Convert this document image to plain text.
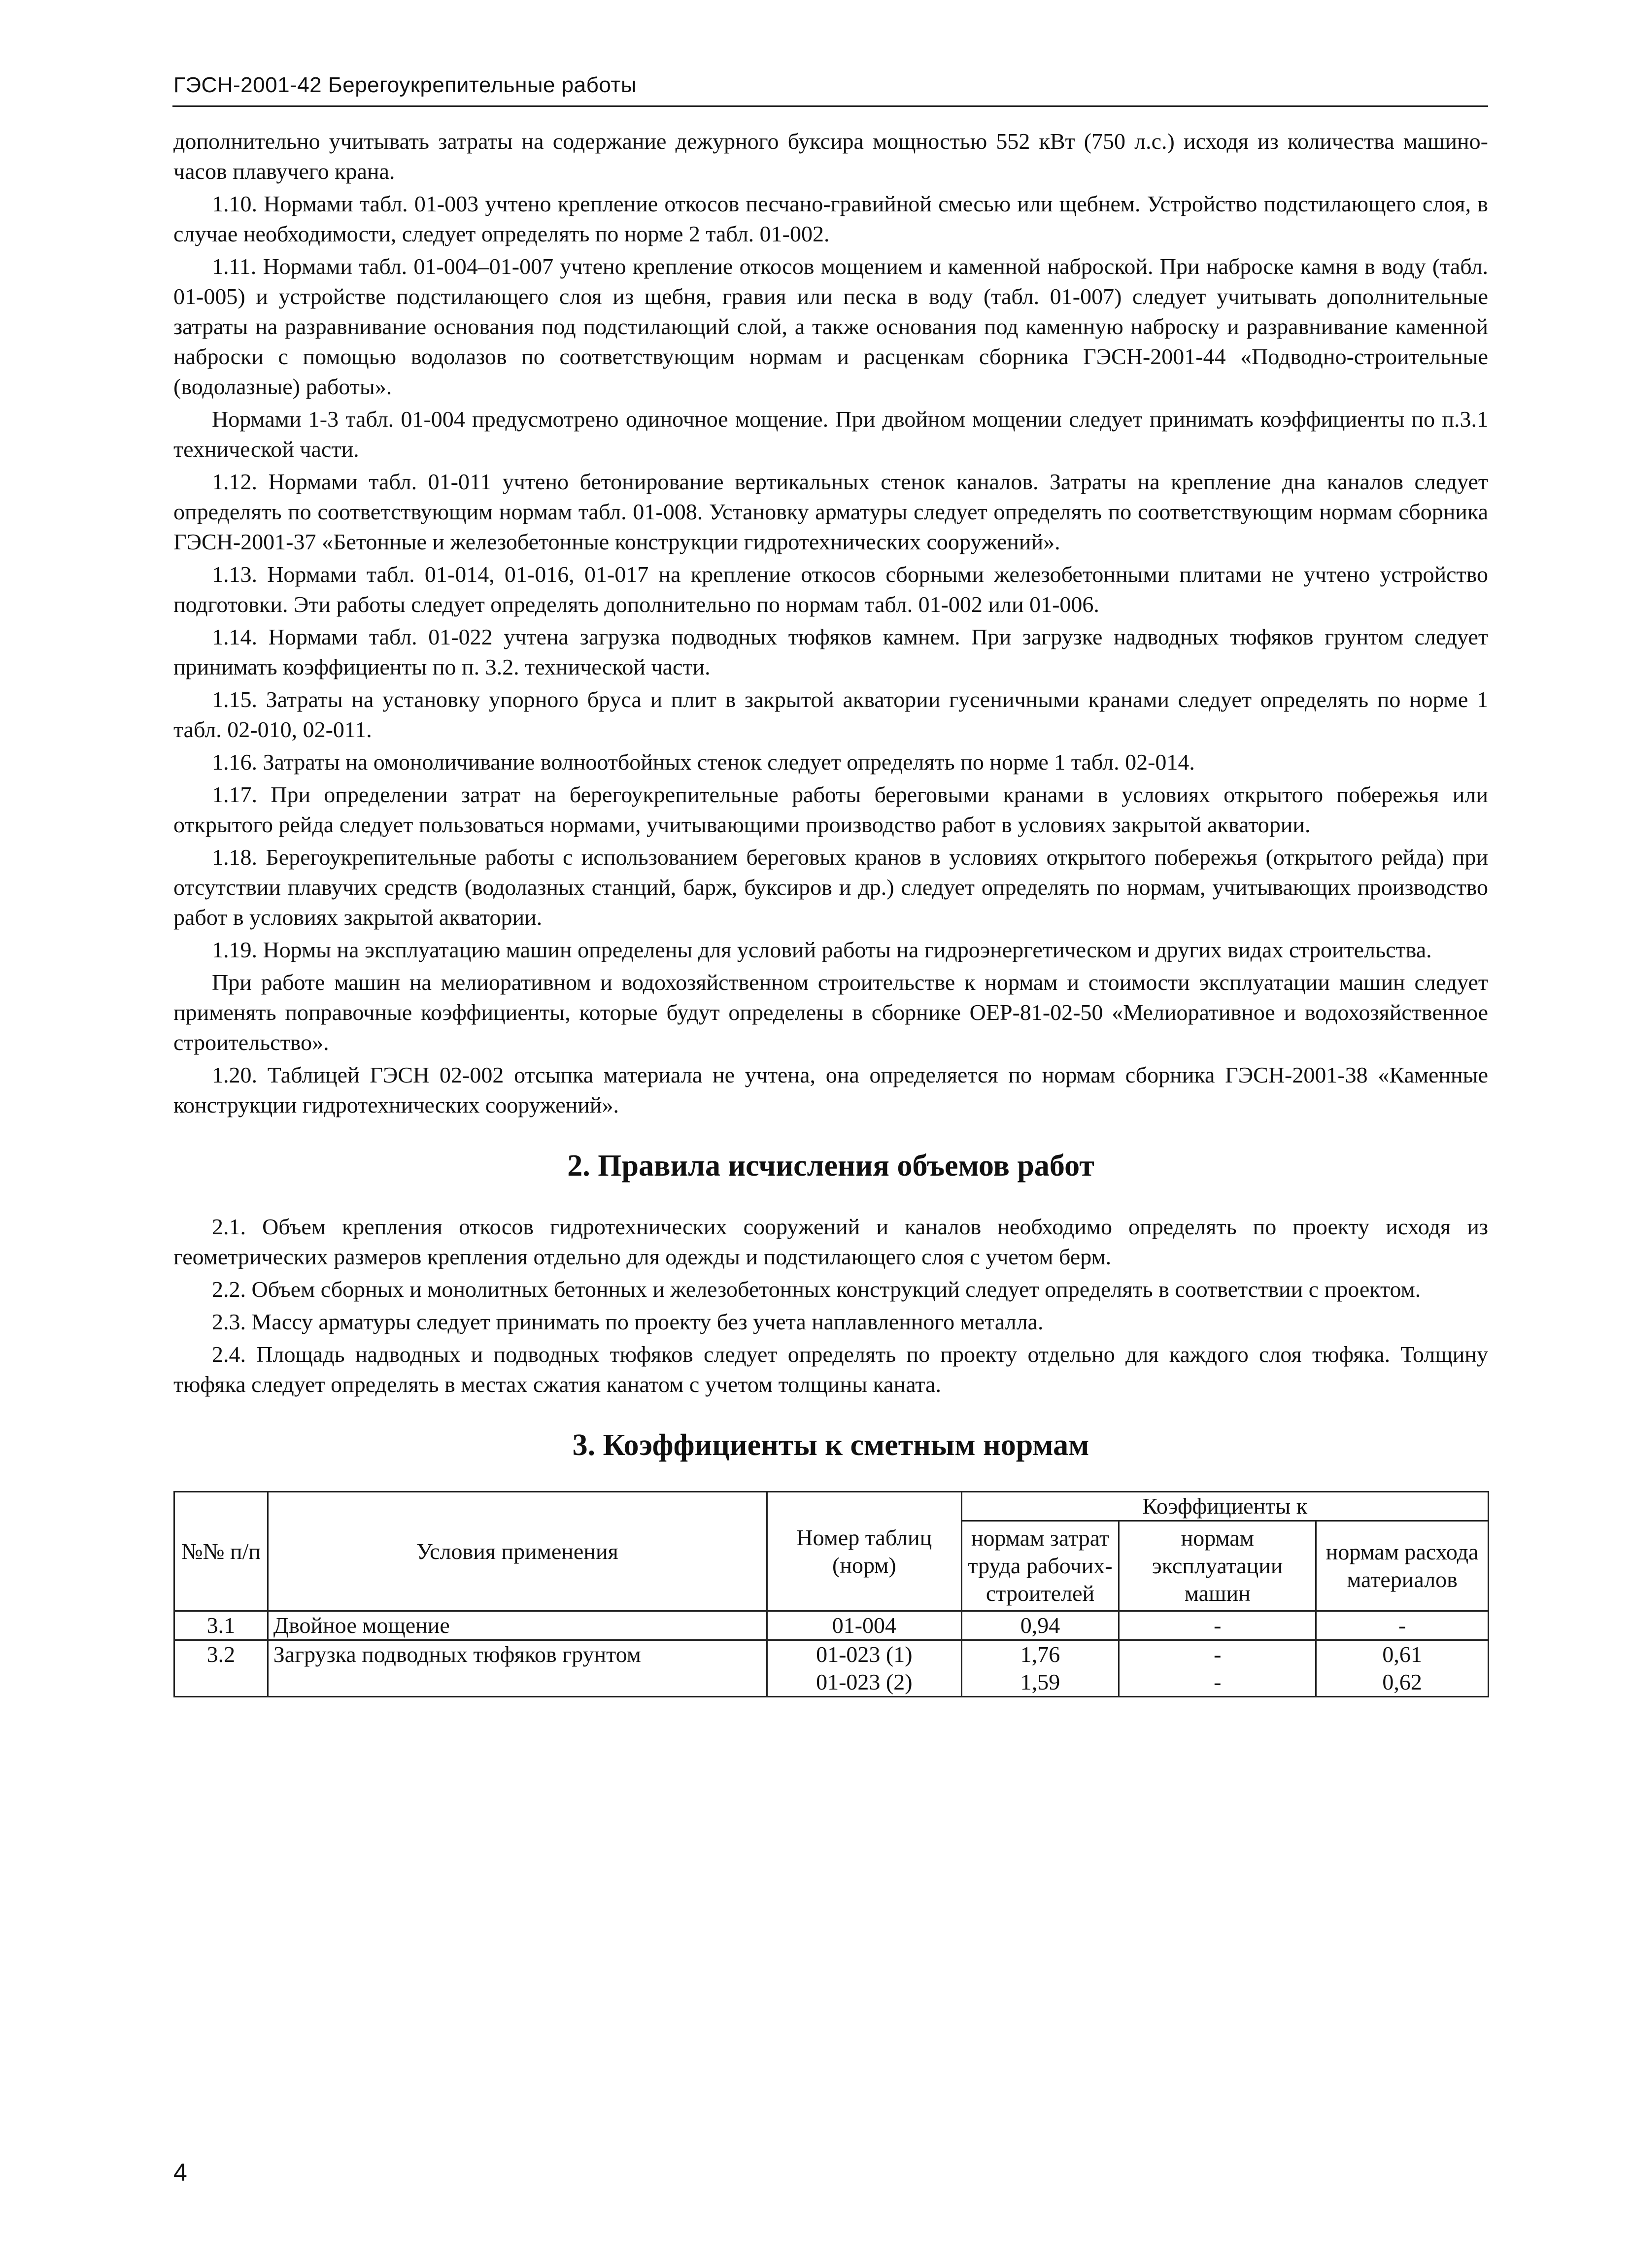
ГЭСН-2001-42 Берегоукрепительные работы

дополнительно учитывать затраты на содержание дежурного буксира мощностью 552 кВт (750 л.с.) исходя из количества машино-часов плавучего крана.

1.10. Нормами табл. 01-003 учтено крепление откосов песчано-гравийной смесью или щебнем. Устройство подстилающего слоя, в случае необходимости, следует определять по норме 2 табл. 01-002.

1.11. Нормами табл. 01-004–01-007 учтено крепление откосов мощением и каменной наброской. При наброске камня в воду (табл. 01-005) и устройстве подстилающего слоя из щебня, гравия или песка в воду (табл. 01-007) следует учитывать дополнительные затраты на разравнивание основания под подстилающий слой, а также основания под каменную наброску и разравнивание каменной наброски с помощью водолазов по соответствующим нормам и расценкам сборника ГЭСН-2001-44 «Подводно-строительные (водолазные) работы».

Нормами 1-3 табл. 01-004 предусмотрено одиночное мощение. При двойном мощении следует принимать коэффициенты по п.3.1 технической части.

1.12. Нормами табл. 01-011 учтено бетонирование вертикальных стенок каналов. Затраты на крепление дна каналов следует определять по соответствующим нормам табл. 01-008. Установку арматуры следует определять по соответствующим нормам сборника ГЭСН-2001-37 «Бетонные и железобетонные конструкции гидротехнических сооружений».

1.13. Нормами табл. 01-014, 01-016, 01-017 на крепление откосов сборными железобетонными плитами не учтено устройство подготовки. Эти работы следует определять дополнительно по нормам табл. 01-002 или 01-006.

1.14. Нормами табл. 01-022 учтена загрузка подводных тюфяков камнем. При загрузке надводных тюфяков грунтом следует принимать коэффициенты по п. 3.2. технической части.

1.15. Затраты на установку упорного бруса и плит в закрытой акватории гусеничными кранами следует определять по норме 1 табл. 02-010, 02-011.

1.16. Затраты на омоноличивание волноотбойных стенок следует определять по норме 1 табл. 02-014.

1.17. При определении затрат на берегоукрепительные работы береговыми кранами в условиях открытого побережья или открытого рейда следует пользоваться нормами, учитывающими производство работ в условиях закрытой акватории.

1.18. Берегоукрепительные работы с использованием береговых кранов в условиях открытого побережья (открытого рейда) при отсутствии плавучих средств (водолазных станций, барж, буксиров и др.) следует определять по нормам, учитывающих производство работ в условиях закрытой акватории.

1.19. Нормы на эксплуатацию машин определены для условий работы на гидроэнергетическом и других видах строительства.

При работе машин на мелиоративном и водохозяйственном строительстве к нормам и стоимости эксплуатации машин следует применять поправочные коэффициенты, которые будут определены в сборнике ОЕР-81-02-50 «Мелиоративное и водохозяйственное строительство».

1.20. Таблицей ГЭСН 02-002 отсыпка материала не учтена, она определяется по нормам сборника ГЭСН-2001-38 «Каменные конструкции гидротехнических сооружений».

2. Правила исчисления объемов работ

2.1. Объем крепления откосов гидротехнических сооружений и каналов необходимо определять по проекту исходя из геометрических размеров крепления отдельно для одежды и подстилающего слоя с учетом берм.

2.2. Объем сборных и монолитных бетонных и железобетонных конструкций следует определять в соответствии с проектом.

2.3. Массу арматуры следует принимать по проекту без учета наплавленного металла.

2.4. Площадь надводных и подводных тюфяков следует определять по проекту отдельно для каждого слоя тюфяка. Толщину тюфяка следует определять в местах сжатия канатом с учетом толщины каната.

3. Коэффициенты к сметным нормам
№№ п/п	Условия применения	Номер таблиц (норм)	Коэффициенты к		
			нормам затрат труда рабочих-строителей	нормам эксплуатации машин	нормам расхода материалов
3.1	Двойное мощение	01-004	0,94	-	-
3.2	Загрузка подводных тюфяков грунтом	01-023 (1)	1,76	-	0,61
		01-023 (2)	1,59	-	0,62
4
